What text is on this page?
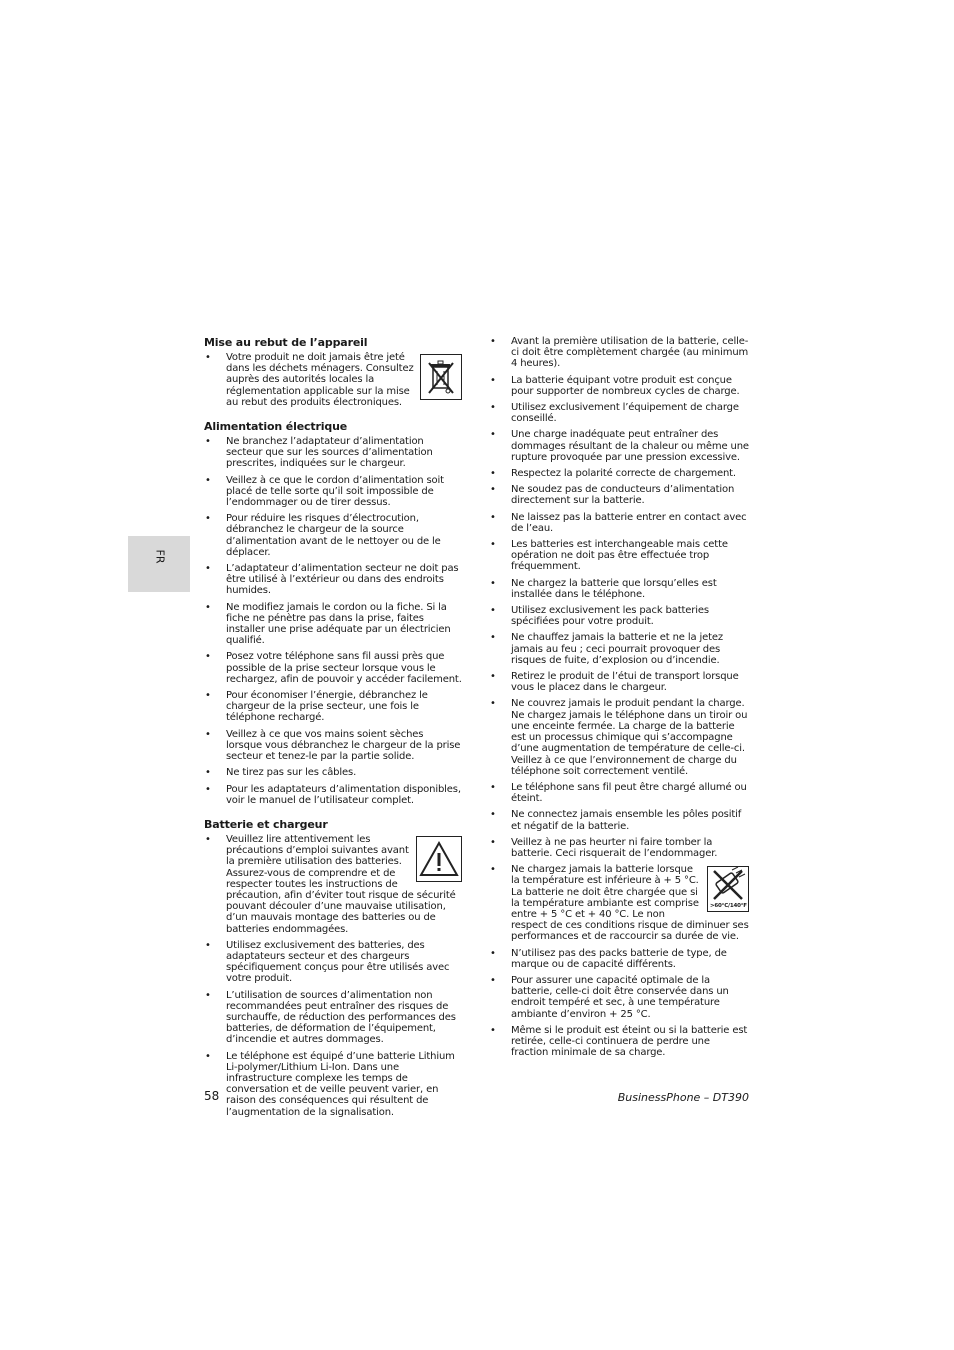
FR
Mise au rebut de l’appareil
• Votre produit ne doit jamais être jeté dans les déchets ménagers. Consultez auprès des autorités locales la réglementation applicable sur la mise au rebut des produits électroniques.
Alimentation électrique
• Ne branchez l’adaptateur d’alimentation secteur que sur les sources d’alimentation prescrites, indiquées sur le chargeur.
• Veillez à ce que le cordon d’alimentation soit placé de telle sorte qu’il soit impossible de l’endommager ou de tirer dessus.
• Pour réduire les risques d’électrocution, débranchez le chargeur de la source d’alimentation avant de le nettoyer ou de le déplacer.
• L’adaptateur d’alimentation secteur ne doit pas être utilisé à l’extérieur ou dans des endroits humides.
• Ne modifiez jamais le cordon ou la fiche. Si la fiche ne pénètre pas dans la prise, faites installer une prise adéquate par un électricien qualifié.
• Posez votre téléphone sans fil aussi près que possible de la prise secteur lorsque vous le rechargez, afin de pouvoir y accéder facilement.
• Pour économiser l’énergie, débranchez le chargeur de la prise secteur, une fois le téléphone rechargé.
• Veillez à ce que vos mains soient sèches lorsque vous débranchez le chargeur de la prise secteur et tenez-le par la partie solide.
• Ne tirez pas sur les câbles.
• Pour les adaptateurs d’alimentation disponibles, voir le manuel de l’utilisateur complet.
Batterie et chargeur
• Veuillez lire attentivement les précautions d’emploi suivantes avant la première utilisation des batteries. Assurez-vous de comprendre et de respecter toutes les instructions de précaution, afin d’éviter tout risque de sécurité pouvant découler d’une mauvaise utilisation, d’un mauvais montage des batteries ou de batteries endommagées.
• Utilisez exclusivement des batteries, des adaptateurs secteur et des chargeurs spécifiquement conçus pour être utilisés avec votre produit.
• L’utilisation de sources d’alimentation non recommandées peut entraîner des risques de surchauffe, de réduction des performances des batteries, de déformation de l’équipement, d’incendie et autres dommages.
• Le téléphone est équipé d’une batterie Lithium Li-polymer/Lithium Li-Ion. Dans une infrastructure complexe les temps de conversation et de veille peuvent varier, en raison des conséquences qui résultent de l’augmentation de la signalisation.
• Avant la première utilisation de la batterie, celle-ci doit être complètement chargée (au minimum 4 heures).
• La batterie équipant votre produit est conçue pour supporter de nombreux cycles de charge.
• Utilisez exclusivement l’équipement de charge conseillé.
• Une charge inadéquate peut entraîner des dommages résultant de la chaleur ou même une rupture provoquée par une pression excessive.
• Respectez la polarité correcte de chargement.
• Ne soudez pas de conducteurs d’alimentation directement sur la batterie.
• Ne laissez pas la batterie entrer en contact avec de l’eau.
• Les batteries est interchangeable mais cette opération ne doit pas être effectuée trop fréquemment.
• Ne chargez la batterie que lorsqu’elles est installée dans le téléphone.
• Utilisez exclusivement les pack batteries spécifiées pour votre produit.
• Ne chauffez jamais la batterie et ne la jetez jamais au feu ; ceci pourrait provoquer des risques de fuite, d’explosion ou d’incendie.
• Retirez le produit de l’étui de transport lorsque vous le placez dans le chargeur.
• Ne couvrez jamais le produit pendant la charge. Ne chargez jamais le téléphone dans un tiroir ou une enceinte fermée. La charge de la batterie est un processus chimique qui s’accompagne d’une augmentation de température de celle-ci. Veillez à ce que l’environnement de charge du téléphone soit correctement ventilé.
• Le téléphone sans fil peut être chargé allumé ou éteint.
• Ne connectez jamais ensemble les pôles positif et négatif de la batterie.
• Veillez à ne pas heurter ni faire tomber la batterie. Ceci risquerait de l’endommager.
• >60°C/140°F
Ne chargez jamais la batterie lorsque la température est inférieure à + 5 °C. La batterie ne doit être chargée que si la température ambiante est comprise entre + 5 °C et + 40 °C. Le non respect de ces conditions risque de diminuer ses performances et de raccourcir sa durée de vie.
• N’utilisez pas des packs batterie de type, de marque ou de capacité différents.
• Pour assurer une capacité optimale de la batterie, celle-ci doit être conservée dans un endroit tempéré et sec, à une température ambiante d’environ + 25 °C.
• Même si le produit est éteint ou si la batterie est retirée, celle-ci continuera de perdre une fraction minimale de sa charge.
58	BusinessPhone – DT390
